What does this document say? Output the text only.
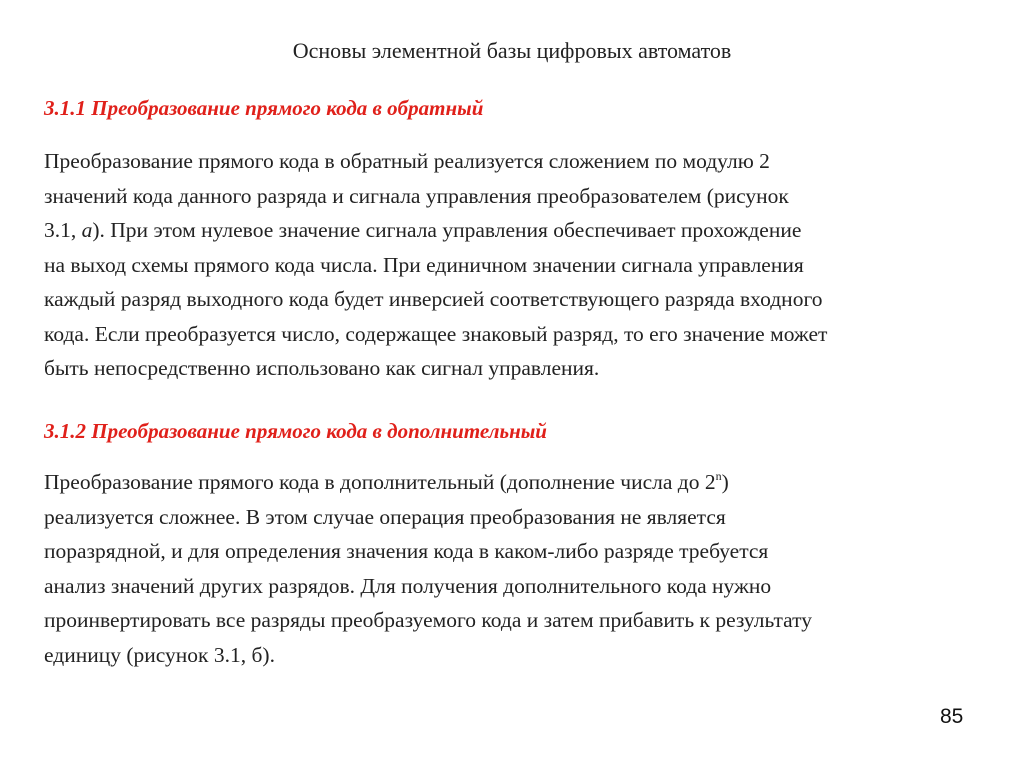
Основы элементной базы цифровых автоматов
3.1.1 Преобразование прямого кода в обратный
Преобразование прямого кода в обратный реализуется сложением по модулю 2
значений кода данного разряда и сигнала управления преобразователем (рисунок
3.1, а). При этом нулевое значение сигнала управления обеспечивает прохождение
на выход схемы прямого кода числа. При единичном значении сигнала управления
каждый разряд выходного кода будет инверсией соответствующего разряда входного
кода. Если преобразуется число, содержащее знаковый разряд, то его значение может
быть непосредственно использовано как сигнал управления.
3.1.2 Преобразование прямого кода в дополнительный
Преобразование прямого кода в дополнительный (дополнение числа до 2$^n$)
реализуется сложнее. В этом случае операция преобразования не является
поразрядной, и для определения значения кода в каком-либо разряде требуется
анализ значений других разрядов. Для получения дополнительного кода нужно
проинвертировать все разряды преобразуемого кода и затем прибавить к результату
единицу (рисунок 3.1, б).
85
